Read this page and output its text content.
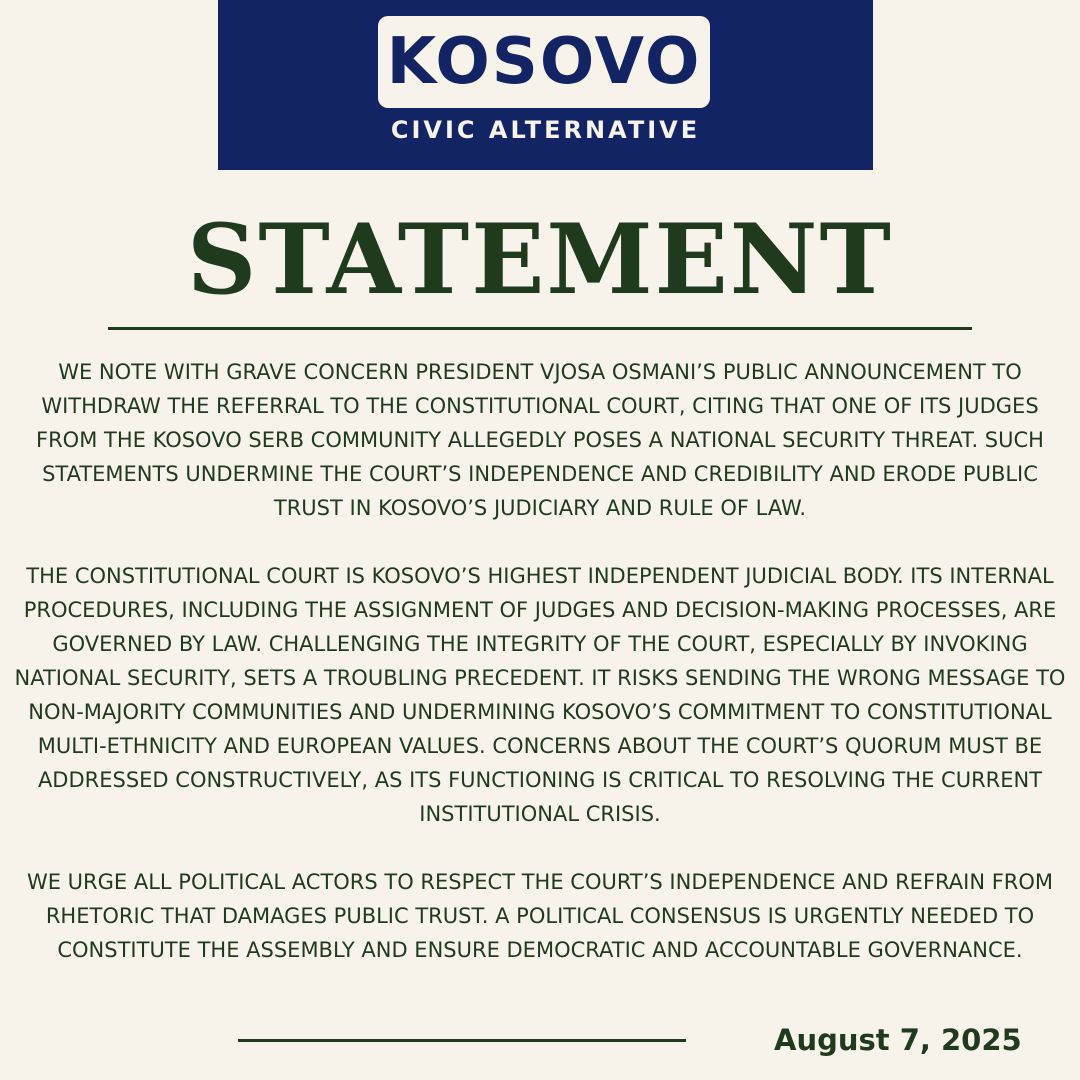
KOSOVO
CIVIC ALTERNATIVE
STATEMENT

WE NOTE WITH GRAVE CONCERN PRESIDENT VJOSA OSMANI’S PUBLIC ANNOUNCEMENT TO WITHDRAW THE REFERRAL TO THE CONSTITUTIONAL COURT, CITING THAT ONE OF ITS JUDGES FROM THE KOSOVO SERB COMMUNITY ALLEGEDLY POSES A NATIONAL SECURITY THREAT. SUCH STATEMENTS UNDERMINE THE COURT’S INDEPENDENCE AND CREDIBILITY AND ERODE PUBLIC TRUST IN KOSOVO’S JUDICIARY AND RULE OF LAW.

THE CONSTITUTIONAL COURT IS KOSOVO’S HIGHEST INDEPENDENT JUDICIAL BODY. ITS INTERNAL PROCEDURES, INCLUDING THE ASSIGNMENT OF JUDGES AND DECISION-MAKING PROCESSES, ARE GOVERNED BY LAW. CHALLENGING THE INTEGRITY OF THE COURT, ESPECIALLY BY INVOKING NATIONAL SECURITY, SETS A TROUBLING PRECEDENT. IT RISKS SENDING THE WRONG MESSAGE TO NON-MAJORITY COMMUNITIES AND UNDERMINING KOSOVO’S COMMITMENT TO CONSTITUTIONAL MULTI-ETHNICITY AND EUROPEAN VALUES. CONCERNS ABOUT THE COURT’S QUORUM MUST BE ADDRESSED CONSTRUCTIVELY, AS ITS FUNCTIONING IS CRITICAL TO RESOLVING THE CURRENT INSTITUTIONAL CRISIS.

WE URGE ALL POLITICAL ACTORS TO RESPECT THE COURT’S INDEPENDENCE AND REFRAIN FROM RHETORIC THAT DAMAGES PUBLIC TRUST. A POLITICAL CONSENSUS IS URGENTLY NEEDED TO CONSTITUTE THE ASSEMBLY AND ENSURE DEMOCRATIC AND ACCOUNTABLE GOVERNANCE.

August 7, 2025
